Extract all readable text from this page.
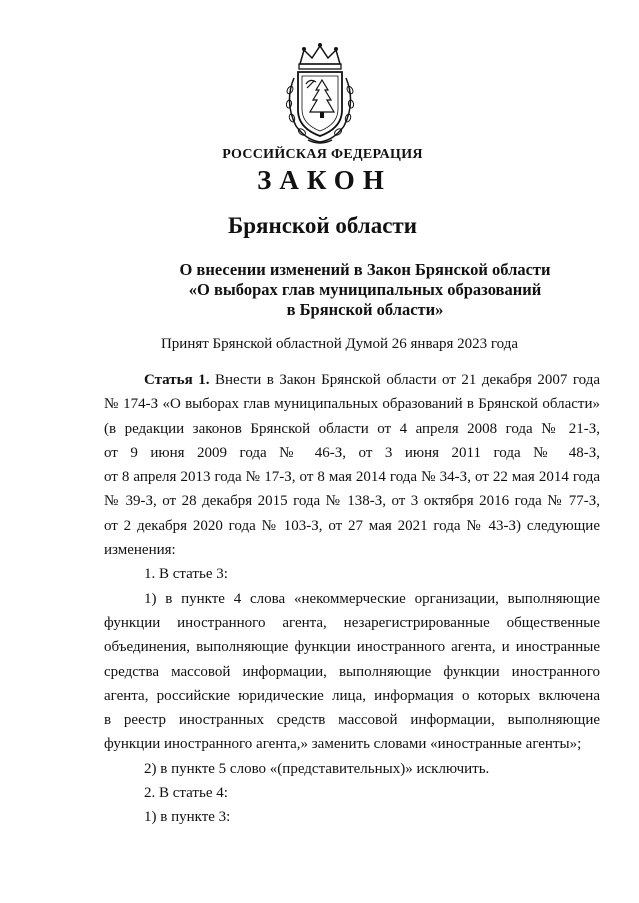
РОССИЙСКАЯ ФЕДЕРАЦИЯ
ЗАКОН
Брянской области
О внесении изменений в Закон Брянской области
«О выборах глав муниципальных образований
в Брянской области»
Принят Брянской областной Думой 26 января 2023 года
Статья 1. Внести в Закон Брянской области от 21 декабря 2007 года
№ 174-З «О выборах глав муниципальных образований в Брянской области»
(в редакции законов Брянской области от 4 апреля 2008 года № 21-З,
от 9 июня 2009 года № 46-З, от 3 июня 2011 года № 48-З,
от 8 апреля 2013 года № 17-З, от 8 мая 2014 года № 34-З, от 22 мая 2014 года
№ 39-З, от 28 декабря 2015 года № 138-З, от 3 октября 2016 года № 77-З,
от 2 декабря 2020 года № 103-З, от 27 мая 2021 года № 43-З) следующие
изменения:

1. В статье 3:

1) в пункте 4 слова «некоммерческие организации, выполняющие
функции иностранного агента, незарегистрированные общественные
объединения, выполняющие функции иностранного агента, и иностранные
средства массовой информации, выполняющие функции иностранного
агента, российские юридические лица, информация о которых включена
в реестр иностранных средств массовой информации, выполняющие
функции иностранного агента,» заменить словами «иностранные агенты»;

2) в пункте 5 слово «(представительных)» исключить.

2. В статье 4:

1) в пункте 3:
